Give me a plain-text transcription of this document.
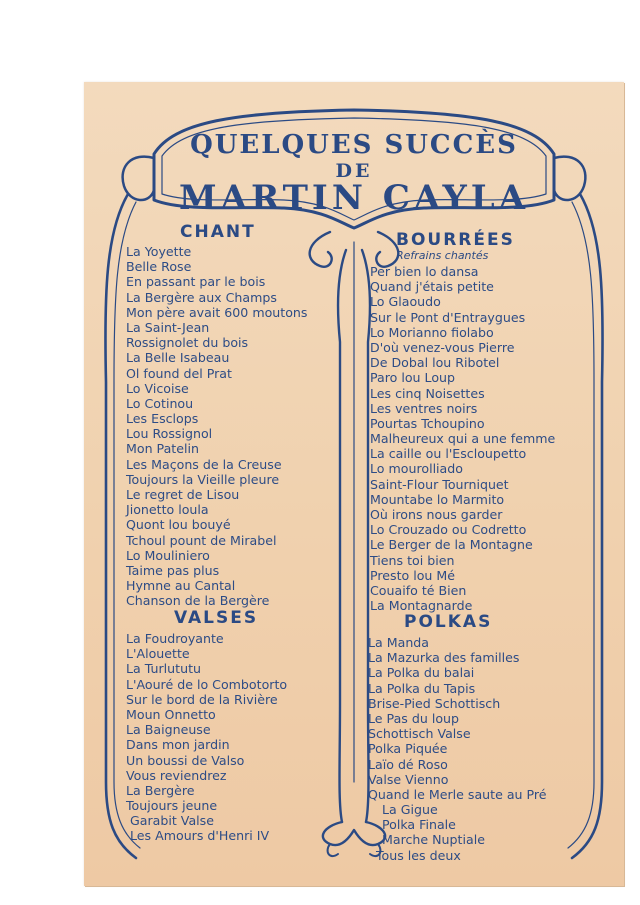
QUELQUES SUCCÈS
DE
MARTIN CAYLA
CHANT
La Yoyette
Belle Rose
En passant par le bois
La Bergère aux Champs
Mon père avait 600 moutons
La Saint-Jean
Rossignolet du bois
La Belle Isabeau
Ol found del Prat
Lo Vicoise
Lo Cotinou
Les Esclops
Lou Rossignol
Mon Patelin
Les Maçons de la Creuse
Toujours la Vieille pleure
Le regret de Lisou
Jionetto loula
Quont lou bouyé
Tchoul pount de Mirabel
Lo Mouliniero
Taime pas plus
Hymne au Cantal
Chanson de la Bergère
VALSES
La Foudroyante
L'Alouette
La Turlututu
L'Aouré de lo Combotorto
Sur le bord de la Rivière
Moun Onnetto
La Baigneuse
Dans mon jardin
Un boussi de Valso
Vous reviendrez
La Bergère
Toujours jeune
Garabit Valse
Les Amours d'Henri IV
BOURRÉES
Refrains chantés
Per bien lo dansa
Quand j'étais petite
Lo Glaoudo
Sur le Pont d'Entraygues
Lo Morianno fiolabo
D'où venez-vous Pierre
De Dobal lou Ribotel
Paro lou Loup
Les cinq Noisettes
Les ventres noirs
Pourtas Tchoupino
Malheureux qui a une femme
La caille ou l'Escloupetto
Lo mourolliado
Saint-Flour Tourniquet
Mountabe lo Marmito
Où irons nous garder
Lo Crouzado ou Codretto
Le Berger de la Montagne
Tiens toi bien
Presto lou Mé
Couaifo té Bien
La Montagnarde
POLKAS
La Manda
La Mazurka des familles
La Polka du balai
La Polka du Tapis
Brise-Pied Schottisch
Le Pas du loup
Schottisch Valse
Polka Piquée
Laïo dé Roso
Valse Vienno
Quand le Merle saute au Pré
La Gigue
Polka Finale
Marche Nuptiale
Tous les deux
